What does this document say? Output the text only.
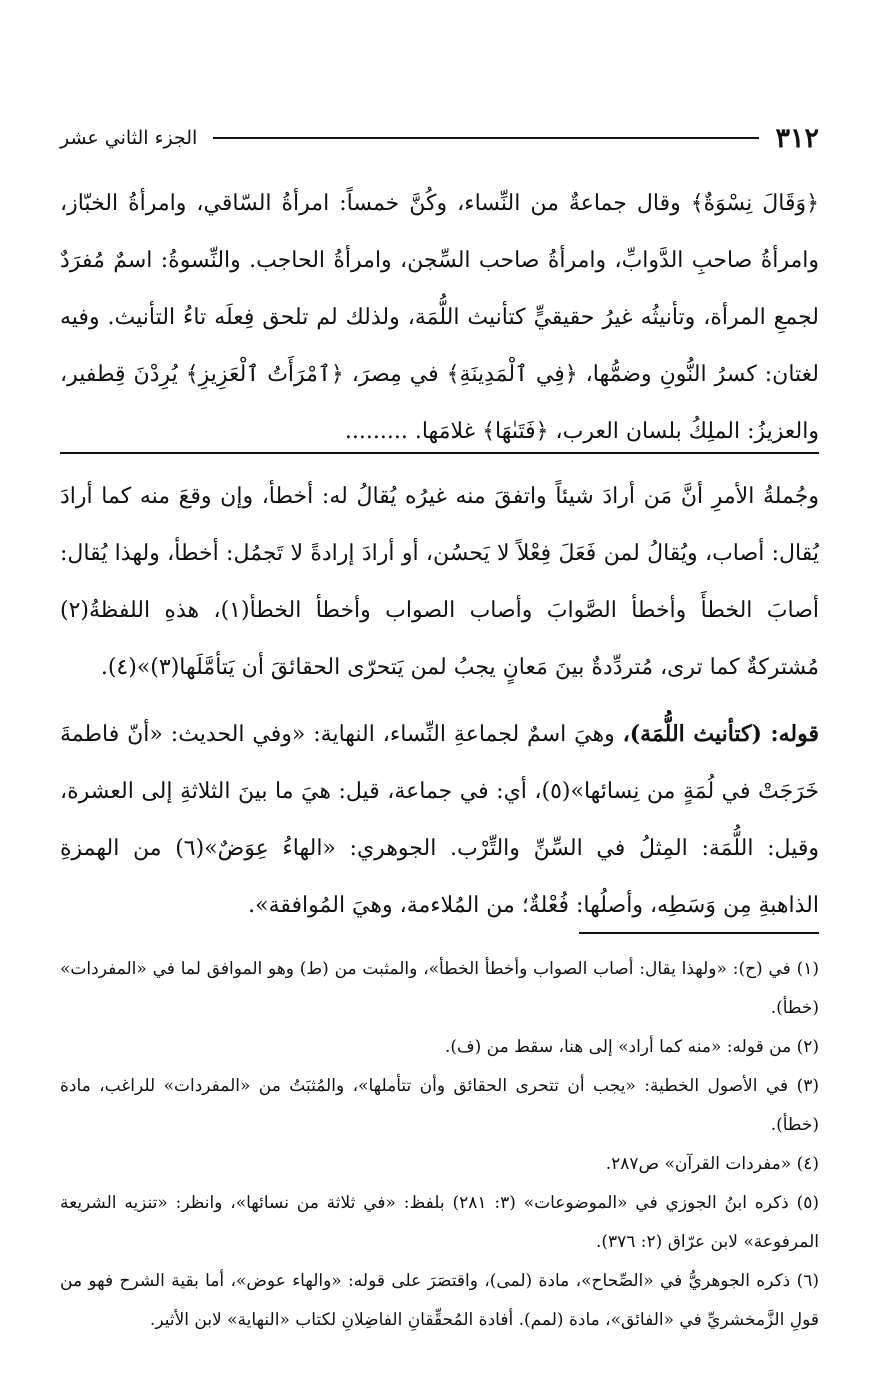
٣١٢
الجزء الثاني عشر

﴿وَقَالَ نِسْوَةٌ﴾ وقال جماعةٌ من النِّساء، وكُنَّ خمساً: امرأةُ السّاقي، وامرأةُ الخبّاز، وامرأةُ صاحبِ الدَّوابِّ، وامرأةُ صاحب السِّجن، وامرأةُ الحاجب. والنِّسوةُ: اسمٌ مُفرَدٌ لجمعِ المرأة، وتأنيثُه غيرُ حقيقيٍّ كتأنيث اللُّمَة، ولذلك لم تلحق فِعلَه تاءُ التأنيث. وفيه لغتان: كسرُ النُّونِ وضمُّها، ﴿فِي ٱلْمَدِينَةِ﴾ في مِصرَ، ﴿ٱمْرَأَتُ ٱلْعَزِيزِ﴾ يُرِدْنَ قِطفير، والعزيزُ: الملِكُ بلسان العرب، ﴿فَتَىٰهَا﴾ غلامَها. .........

وجُملةُ الأمرِ أنَّ مَن أرادَ شيئاً واتفقَ منه غيرُه يُقالُ له: أخطأ، وإن وقعَ منه كما أرادَ يُقال: أصاب، ويُقالُ لمن فَعَلَ فِعْلاً لا يَحسُن، أو أرادَ إرادةً لا تَجمُل: أخطأ، ولهذا يُقال: أصابَ الخطأَ وأخطأ الصَّوابَ وأصاب الصواب وأخطأ الخطأ(١)، هذهِ اللفظةُ(٢) مُشتركةٌ كما ترى، مُتردِّدةٌ بينَ مَعانٍ يجبُ لمن يَتحرّى الحقائقَ أن يَتأمَّلَها(٣)»(٤).

قوله: (كتأنيث اللُّمَة)، وهيَ اسمٌ لجماعةِ النِّساء، النهاية: «وفي الحديث: «أنّ فاطمةَ خَرَجَتْ في لُمَةٍ من نِسائها»(٥)، أي: في جماعة، قيل: هيَ ما بينَ الثلاثةِ إلى العشرة، وقيل: اللُّمَة: المِثلُ في السِّنِّ والتِّرْب. الجوهري: «الهاءُ عِوَضٌ»(٦) من الهمزةِ الذاهبةِ مِن وَسَطِه، وأصلُها: فُعْلةٌ؛ من المُلاءمة، وهيَ المُوافقة».

(١) في (ح): «ولهذا يقال: أصاب الصواب وأخطأ الخطأ»، والمثبت من (ط) وهو الموافق لما في «المفردات» (خطأ).

(٢) من قوله: «منه كما أراد» إلى هنا، سقط من (ف).

(٣) في الأصول الخطية: «يجب أن تتحرى الحقائق وأن تتأملها»، والمُثبَتُ من «المفردات» للراغب، مادة (خطأ).

(٤) «مفردات القرآن» ص٢٨٧.

(٥) ذكره ابنُ الجوزي في «الموضوعات» (٣: ٢٨١) بلفظ: «في ثلاثة من نسائها»، وانظر: «تنزيه الشريعة المرفوعة» لابن عرّاق (٢: ٣٧٦).

(٦) ذكره الجوهريُّ في «الصِّحاح»، مادة (لمى)، واقتصَرَ على قوله: «والهاء عوض»، أما بقية الشرح فهو من قولِ الزَّمخشريِّ في «الفائق»، مادة (لمم). أفادة المُحقِّقانِ الفاضِلانِ لكتاب «النهاية» لابن الأثير.
